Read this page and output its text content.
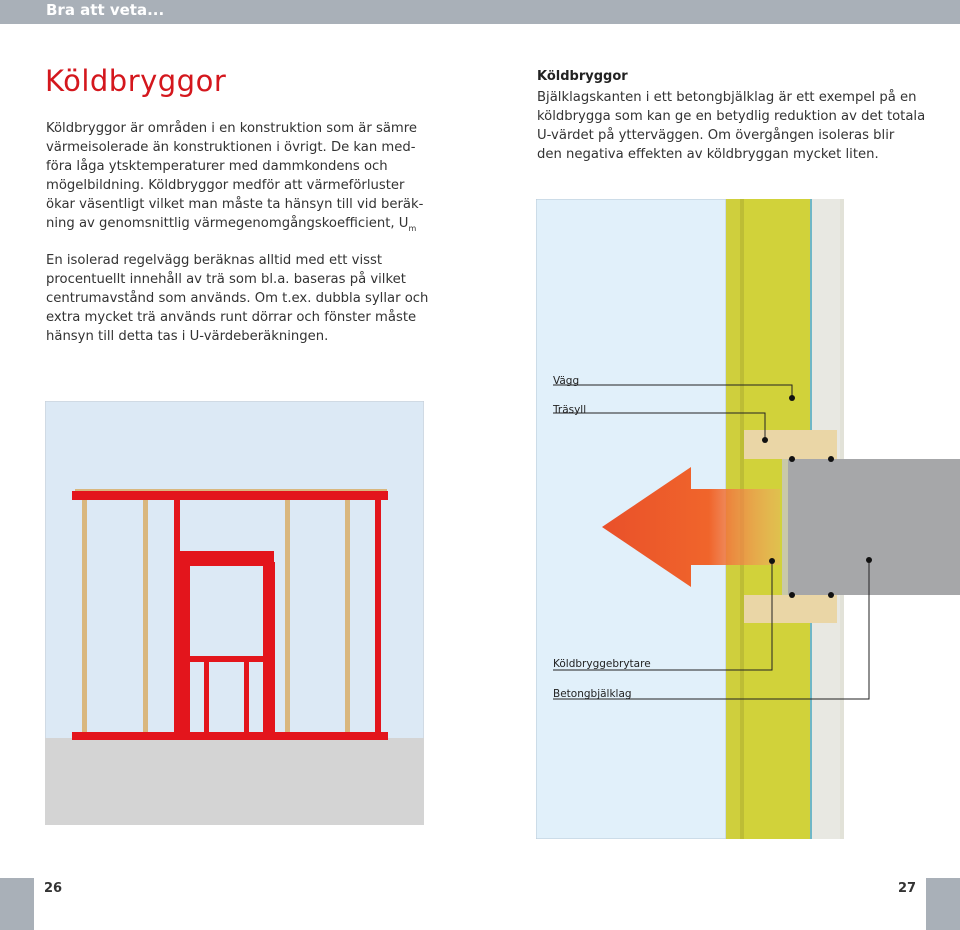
Bra att veta...
Köldbryggor
Köldbryggor är områden i en konstruktion som är sämre
värmeisolerade än konstruktionen i övrigt. De kan med-
föra låga ytsktemperaturer med dammkondens och
mögelbildning. Köldbryggor medför att värmeförluster
ökar väsentligt vilket man måste ta hänsyn till vid beräk-
ning av genomsnittlig värmegenomgångskoefficient, $U_m$
En isolerad regelvägg beräknas alltid med ett visst
procentuellt innehåll av trä som bl.a. baseras på vilket
centrumavstånd som används. Om t.ex. dubbla syllar och
extra mycket trä används runt dörrar och fönster måste
hänsyn till detta tas i U-värdeberäkningen.
Köldbryggor
Bjälklagskanten i ett betongbjälklag är ett exempel på en
köldbrygga som kan ge en betydlig reduktion av det totala
U-värdet på ytterväggen. Om övergången isoleras blir
den negativa effekten av köldbryggan mycket liten.
Vägg
Träsyll
Köldbryggebrytare
Betongbjälklag
26	27
